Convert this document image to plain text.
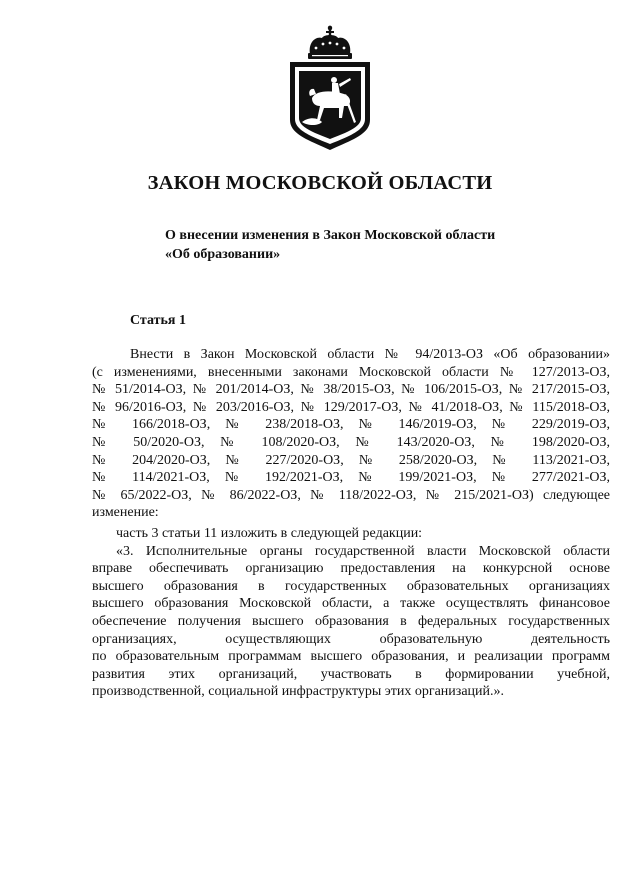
ЗАКОН МОСКОВСКОЙ ОБЛАСТИ
О внесении изменения в Закон Московской области
«Об образовании»
Статья 1
Внести в Закон Московской области № 94/2013-ОЗ «Об образовании»
(с изменениями, внесенными законами Московской области № 127/2013-ОЗ,
№ 51/2014-ОЗ, № 201/2014-ОЗ, № 38/2015-ОЗ, № 106/2015-ОЗ, № 217/2015-ОЗ,
№ 96/2016-ОЗ, № 203/2016-ОЗ, № 129/2017-ОЗ, № 41/2018-ОЗ, № 115/2018-ОЗ,
№ 166/2018-ОЗ, № 238/2018-ОЗ, № 146/2019-ОЗ, № 229/2019-ОЗ,
№ 50/2020-ОЗ, № 108/2020-ОЗ, № 143/2020-ОЗ, № 198/2020-ОЗ,
№ 204/2020-ОЗ, № 227/2020-ОЗ, № 258/2020-ОЗ, № 113/2021-ОЗ,
№ 114/2021-ОЗ, № 192/2021-ОЗ, № 199/2021-ОЗ, № 277/2021-ОЗ,
№ 65/2022-ОЗ, № 86/2022-ОЗ, № 118/2022-ОЗ, № 215/2021-ОЗ) следующее
изменение:
часть 3 статьи 11 изложить в следующей редакции:
«3. Исполнительные органы государственной власти Московской области
вправе обеспечивать организацию предоставления на конкурсной основе
высшего образования в государственных образовательных организациях
высшего образования Московской области, а также осуществлять финансовое
обеспечение получения высшего образования в федеральных государственных
организациях, осуществляющих образовательную деятельность
по образовательным программам высшего образования, и реализации программ
развития этих организаций, участвовать в формировании учебной,
производственной, социальной инфраструктуры этих организаций.».
